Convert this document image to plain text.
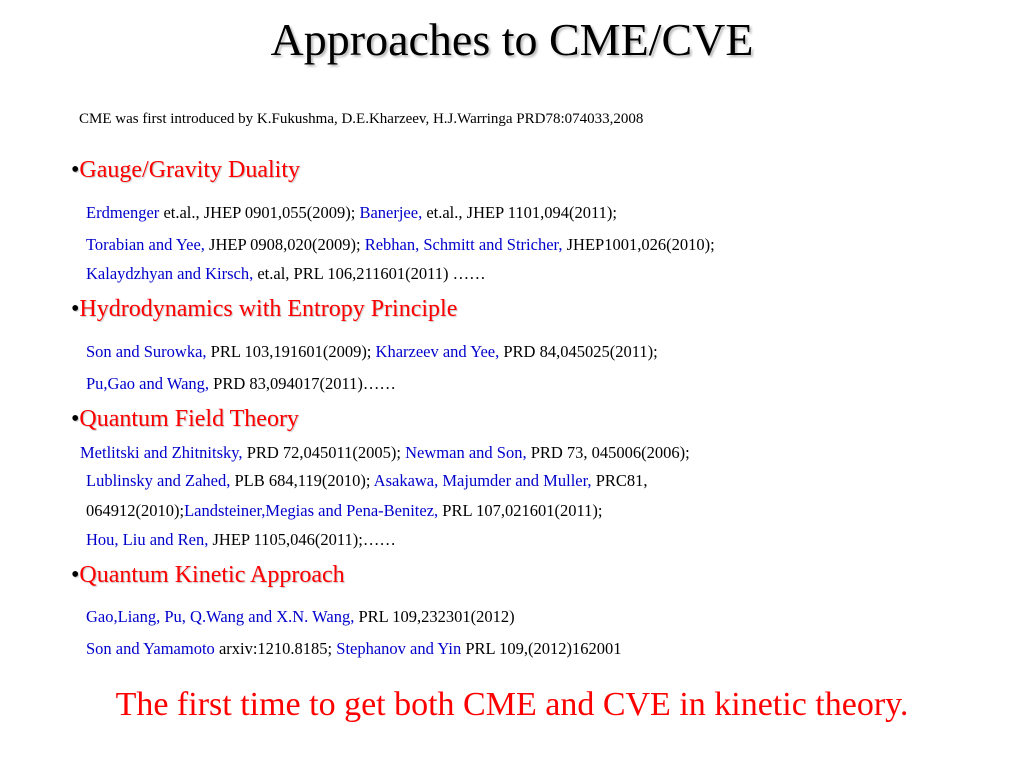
Approaches to CME/CVE
CME was first introduced by K.Fukushma, D.E.Kharzeev, H.J.Warringa PRD78:074033,2008
•Gauge/Gravity Duality
Erdmenger et.al., JHEP 0901,055(2009); Banerjee, et.al., JHEP 1101,094(2011);
Torabian and Yee, JHEP 0908,020(2009); Rebhan, Schmitt and Stricher, JHEP1001,026(2010);
Kalaydzhyan and Kirsch, et.al, PRL 106,211601(2011) ……
•Hydrodynamics with Entropy Principle
Son and Surowka, PRL 103,191601(2009); Kharzeev and Yee, PRD 84,045025(2011);
Pu,Gao and Wang, PRD 83,094017(2011)……
•Quantum Field Theory
Metlitski and Zhitnitsky, PRD 72,045011(2005); Newman and Son, PRD 73, 045006(2006);
Lublinsky and Zahed, PLB 684,119(2010); Asakawa, Majumder and Muller, PRC81,
064912(2010);Landsteiner,Megias and Pena-Benitez, PRL 107,021601(2011);
Hou, Liu and Ren, JHEP 1105,046(2011);……
•Quantum Kinetic Approach
Gao,Liang, Pu, Q.Wang and X.N. Wang, PRL 109,232301(2012)
Son and Yamamoto arxiv:1210.8185; Stephanov and Yin PRL 109,(2012)162001
The first time to get both CME and CVE in kinetic theory.
